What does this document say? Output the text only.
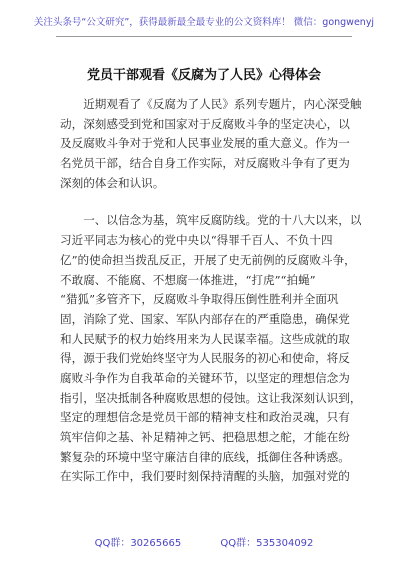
关注头条号“公文研究”，获得最新最全最专业的公文资料库！ 微信：gongwenyj
党员干部观看《反腐为了人民》心得体会
　　近期观看了《反腐为了人民》系列专题片，内心深受触
动，深刻感受到党和国家对于反腐败斗争的坚定决心，以
及反腐败斗争对于党和人民事业发展的重大意义。作为一
名党员干部，结合自身工作实际，对反腐败斗争有了更为
深刻的体会和认识。
　　一、以信念为基，筑牢反腐防线。党的十八大以来，以
习近平同志为核心的党中央以“得罪千百人、不负十四
亿”的使命担当拨乱反正，开展了史无前例的反腐败斗争，
不敢腐、不能腐、不想腐一体推进，“打虎”“拍蝇”
“猎狐”多管齐下，反腐败斗争取得压倒性胜利并全面巩
固，消除了党、国家、军队内部存在的严重隐患，确保党
和人民赋予的权力始终用来为人民谋幸福。这些成就的取
得，源于我们党始终坚守为人民服务的初心和使命，将反
腐败斗争作为自我革命的关键环节，以坚定的理想信念为
指引，坚决抵制各种腐败思想的侵蚀。这让我深刻认识到，
坚定的理想信念是党员干部的精神支柱和政治灵魂，只有
筑牢信仰之基、补足精神之钙、把稳思想之舵，才能在纷
繁复杂的环境中坚守廉洁自律的底线，抵御住各种诱惑。
在实际工作中，我们要时刻保持清醒的头脑，加强对党的
QQ群：30265665	QQ群：535304092
